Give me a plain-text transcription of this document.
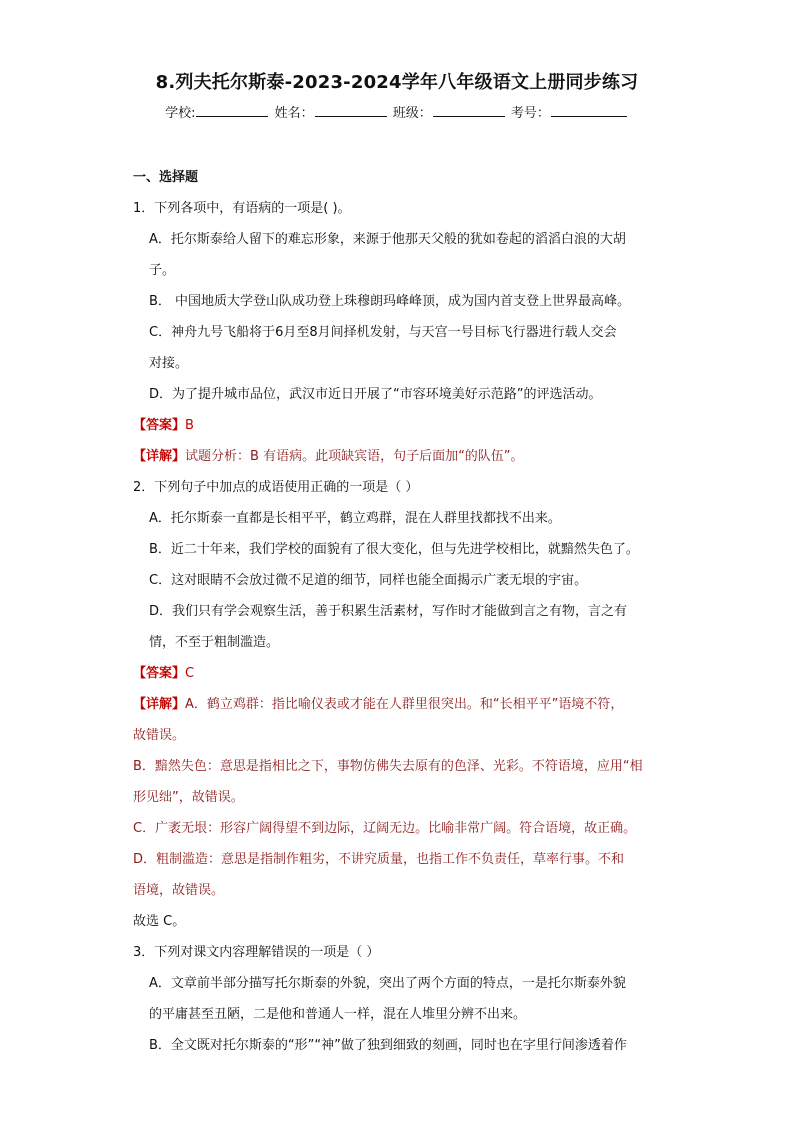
8.列夫托尔斯泰-2023-2024学年八年级语文上册同步练习
学校:	姓名：	班级：	考号：
一、选择题
1．下列各项中，有语病的一项是( )。
A．托尔斯泰给人留下的难忘形象，来源于他那天父般的犹如卷起的滔滔白浪的大胡
子。
B． 中国地质大学登山队成功登上珠穆朗玛峰峰顶，成为国内首支登上世界最高峰。
C．神舟九号飞船将于6月至8月间择机发射，与天宫一号目标飞行器进行载人交会
对接。
D．为了提升城市品位，武汉市近日开展了“市容环境美好示范路”的评选活动。
【答案】B
【详解】试题分析：B 有语病。此项缺宾语，句子后面加“的队伍”。
2．下列句子中加点的成语使用正确的一项是（ ）
A．托尔斯泰一直都是长相平平，鹤立鸡群，混在人群里找都找不出来。
B．近二十年来，我们学校的面貌有了很大变化，但与先进学校相比，就黯然失色了。
C．这对眼睛不会放过微不足道的细节，同样也能全面揭示广袤无垠的宇宙。
D．我们只有学会观察生活，善于积累生活素材，写作时才能做到言之有物，言之有
情，不至于粗制滥造。
【答案】C
【详解】A．鹤立鸡群：指比喻仪表或才能在人群里很突出。和“长相平平”语境不符，
故错误。
B．黯然失色：意思是指相比之下，事物仿佛失去原有的色泽、光彩。不符语境，应用“相
形见绌”，故错误。
C．广袤无垠：形容广阔得望不到边际，辽阔无边。比喻非常广阔。符合语境，故正确。
D．粗制滥造：意思是指制作粗劣，不讲究质量，也指工作不负责任，草率行事。不和
语境，故错误。
故选 C。
3．下列对课文内容理解错误的一项是（ ）
A．文章前半部分描写托尔斯泰的外貌，突出了两个方面的特点，一是托尔斯泰外貌
的平庸甚至丑陋，二是他和普通人一样，混在人堆里分辨不出来。
B．全文既对托尔斯泰的“形”“神”做了独到细致的刻画，同时也在字里行间渗透着作
